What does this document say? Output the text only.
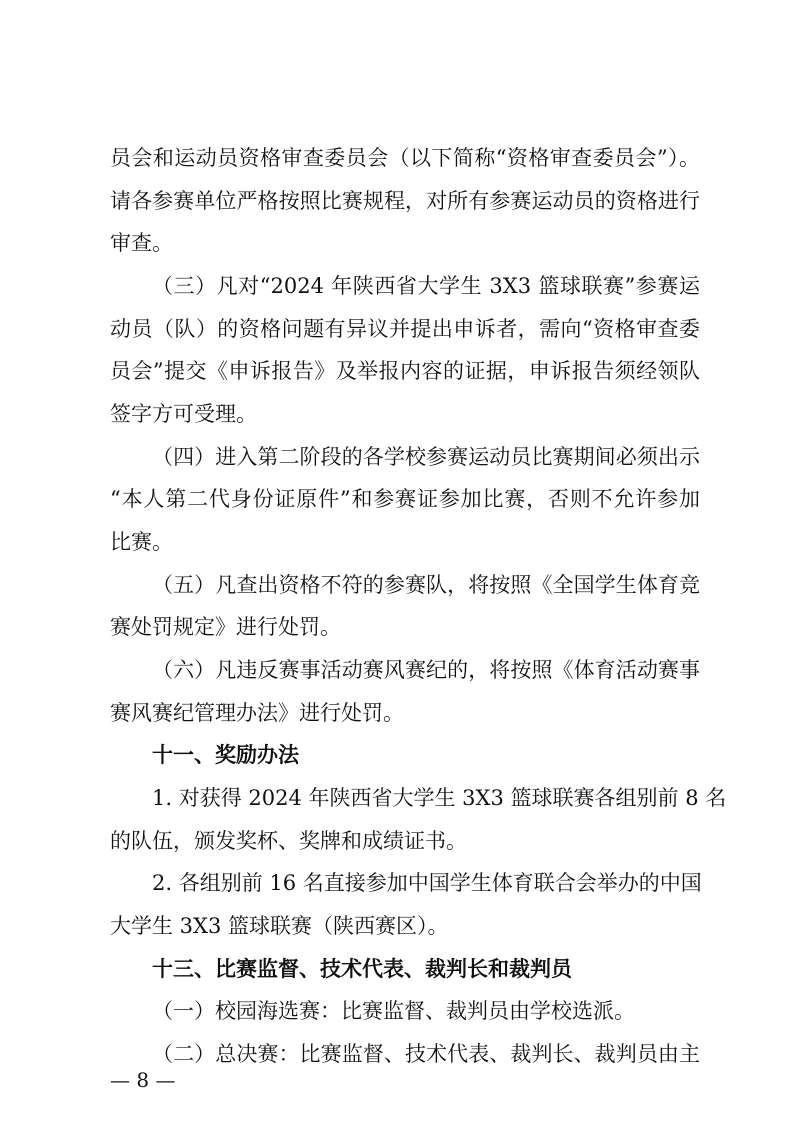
员会和运动员资格审查委员会（以下简称“资格审查委员会”）。
请各参赛单位严格按照比赛规程，对所有参赛运动员的资格进行
审查。
（三）凡对“2024 年陕西省大学生 3X3 篮球联赛”参赛运
动员（队）的资格问题有异议并提出申诉者，需向“资格审查委
员会”提交《申诉报告》及举报内容的证据，申诉报告须经领队
签字方可受理。
（四）进入第二阶段的各学校参赛运动员比赛期间必须出示
“本人第二代身份证原件”和参赛证参加比赛，否则不允许参加
比赛。
（五）凡查出资格不符的参赛队，将按照《全国学生体育竞
赛处罚规定》进行处罚。
（六）凡违反赛事活动赛风赛纪的，将按照《体育活动赛事
赛风赛纪管理办法》进行处罚。
十一、奖励办法
1. 对获得 2024 年陕西省大学生 3X3 篮球联赛各组别前 8 名
的队伍，颁发奖杯、奖牌和成绩证书。
2. 各组别前 16 名直接参加中国学生体育联合会举办的中国
大学生 3X3 篮球联赛（陕西赛区）。
十三、比赛监督、技术代表、裁判长和裁判员
（一）校园海选赛：比赛监督、裁判员由学校选派。
（二）总决赛：比赛监督、技术代表、裁判长、裁判员由主
— 8 —
